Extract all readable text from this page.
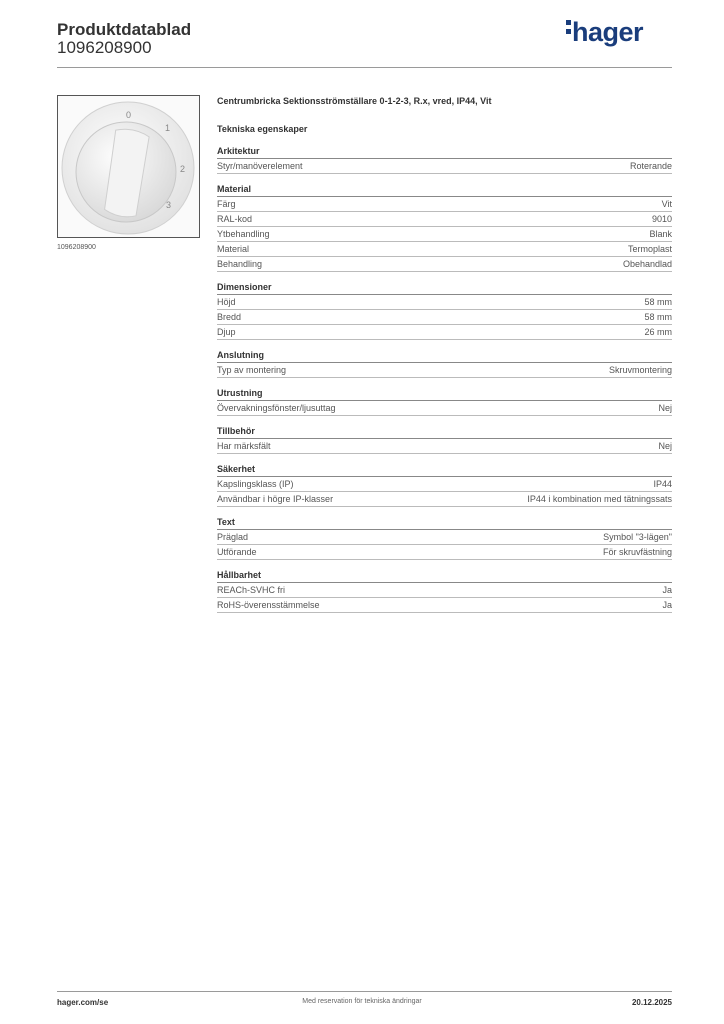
Produktdatablad
1096208900
hager
0
1
2
3
1096208900
Centrumbricka Sektionsströmställare 0-1-2-3, R.x, vred, IP44, Vit
Tekniska egenskaper
Arkitektur
Styr/manöverelement	Roterande
Material
Färg	Vit
RAL-kod	9010
Ytbehandling	Blank
Material	Termoplast
Behandling	Obehandlad
Dimensioner
Höjd	58 mm
Bredd	58 mm
Djup	26 mm
Anslutning
Typ av montering	Skruvmontering
Utrustning
Övervakningsfönster/ljusuttag	Nej
Tillbehör
Har märksfält	Nej
Säkerhet
Kapslingsklass (IP)	IP44
Användbar i högre IP-klasser	IP44 i kombination med tätningssats
Text
Präglad	Symbol "3-lägen"
Utförande	För skruvfästning
Hållbarhet
REACh-SVHC fri	Ja
RoHS-överensstämmelse	Ja
hager.com/se	Med reservation för tekniska ändringar	20.12.2025
